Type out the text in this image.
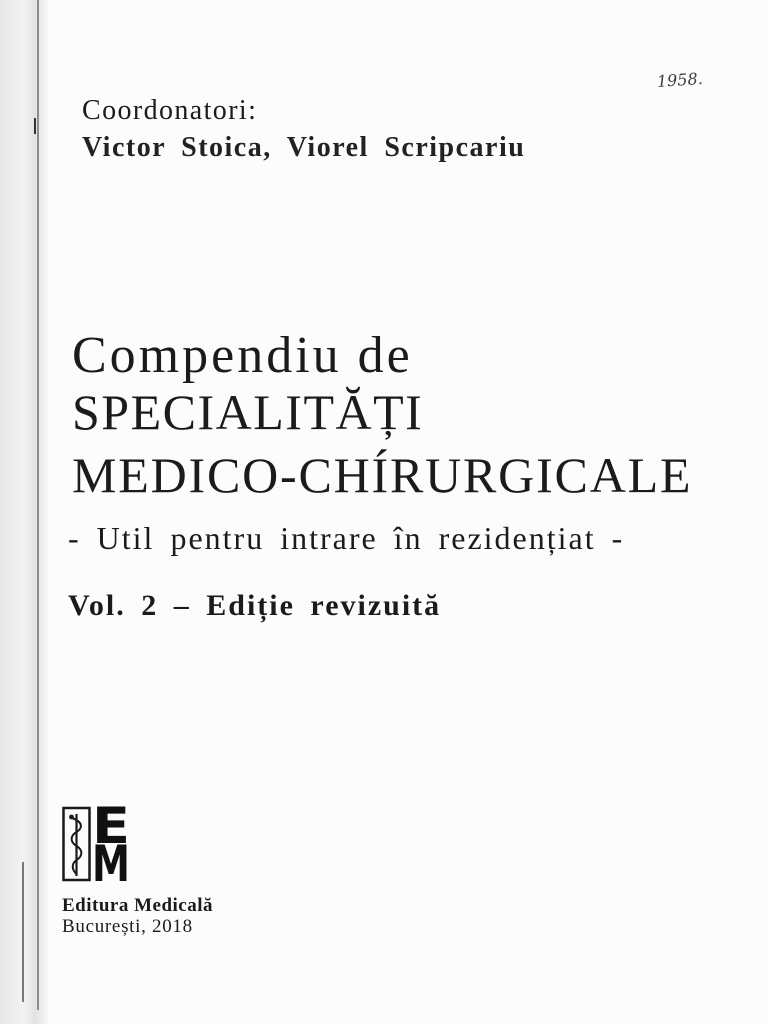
1958.
Coordonatori:
Victor Stoica, Viorel Scripcariu
Compendiu de
SPECIALITĂȚI
MEDICO-CHÍRURGICALE
- Util pentru intrare în rezidențiat -
Vol. 2 – Ediție revizuită
E
M
Editura Medicală
București, 2018
